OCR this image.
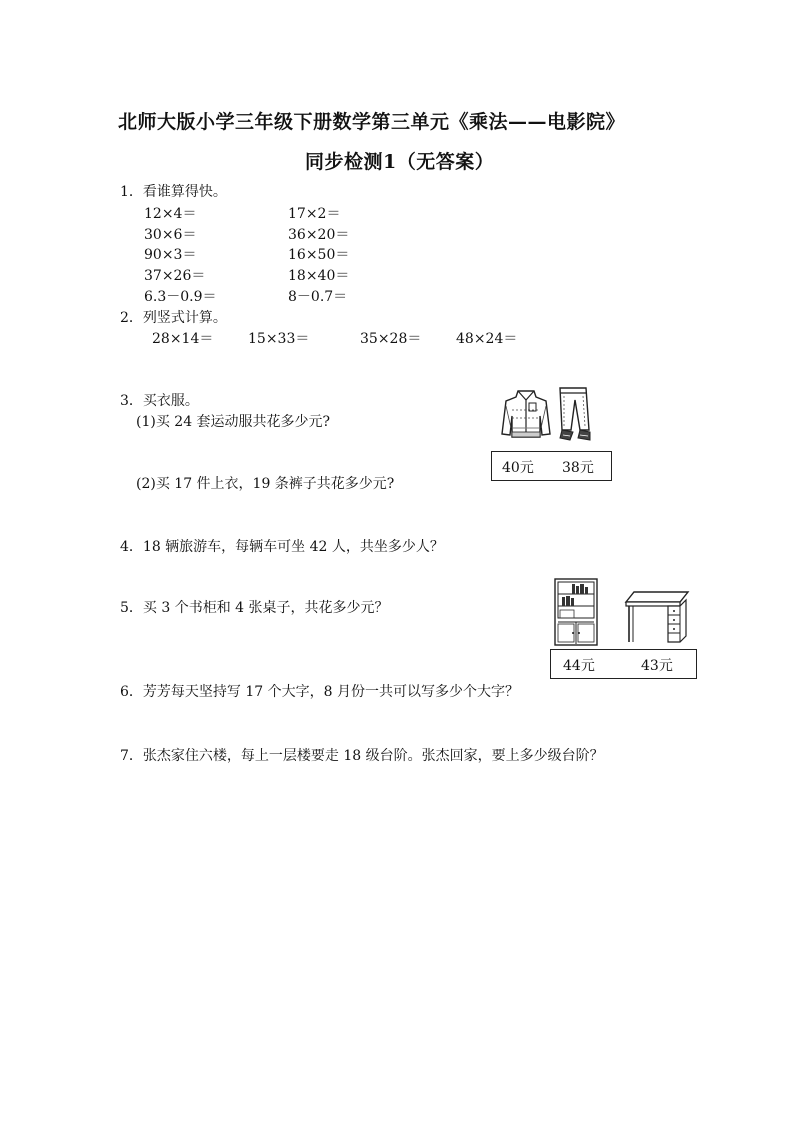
北师大版小学三年级下册数学第三单元《乘法——电影院》
同步检测1（无答案）
1．看谁算得快。
12×4＝
30×6＝
90×3＝
37×26＝
6.3－0.9＝
17×2＝
36×20＝
16×50＝
18×40＝
8－0.7＝
2．列竖式计算。
28×14＝ 15×33＝	35×28＝ 48×24＝
3．买衣服。
(1)买 24 套运动服共花多少元?
(2)买 17 件上衣，19 条裤子共花多少元?
40元 38元
4．18 辆旅游车，每辆车可坐 42 人，共坐多少人？
5．买 3 个书柜和 4 张桌子，共花多少元？
44元	43元
6．芳芳每天坚持写 17 个大字，8 月份一共可以写多少个大字？
7．张杰家住六楼，每上一层楼要走 18 级台阶。张杰回家，要上多少级台阶？
